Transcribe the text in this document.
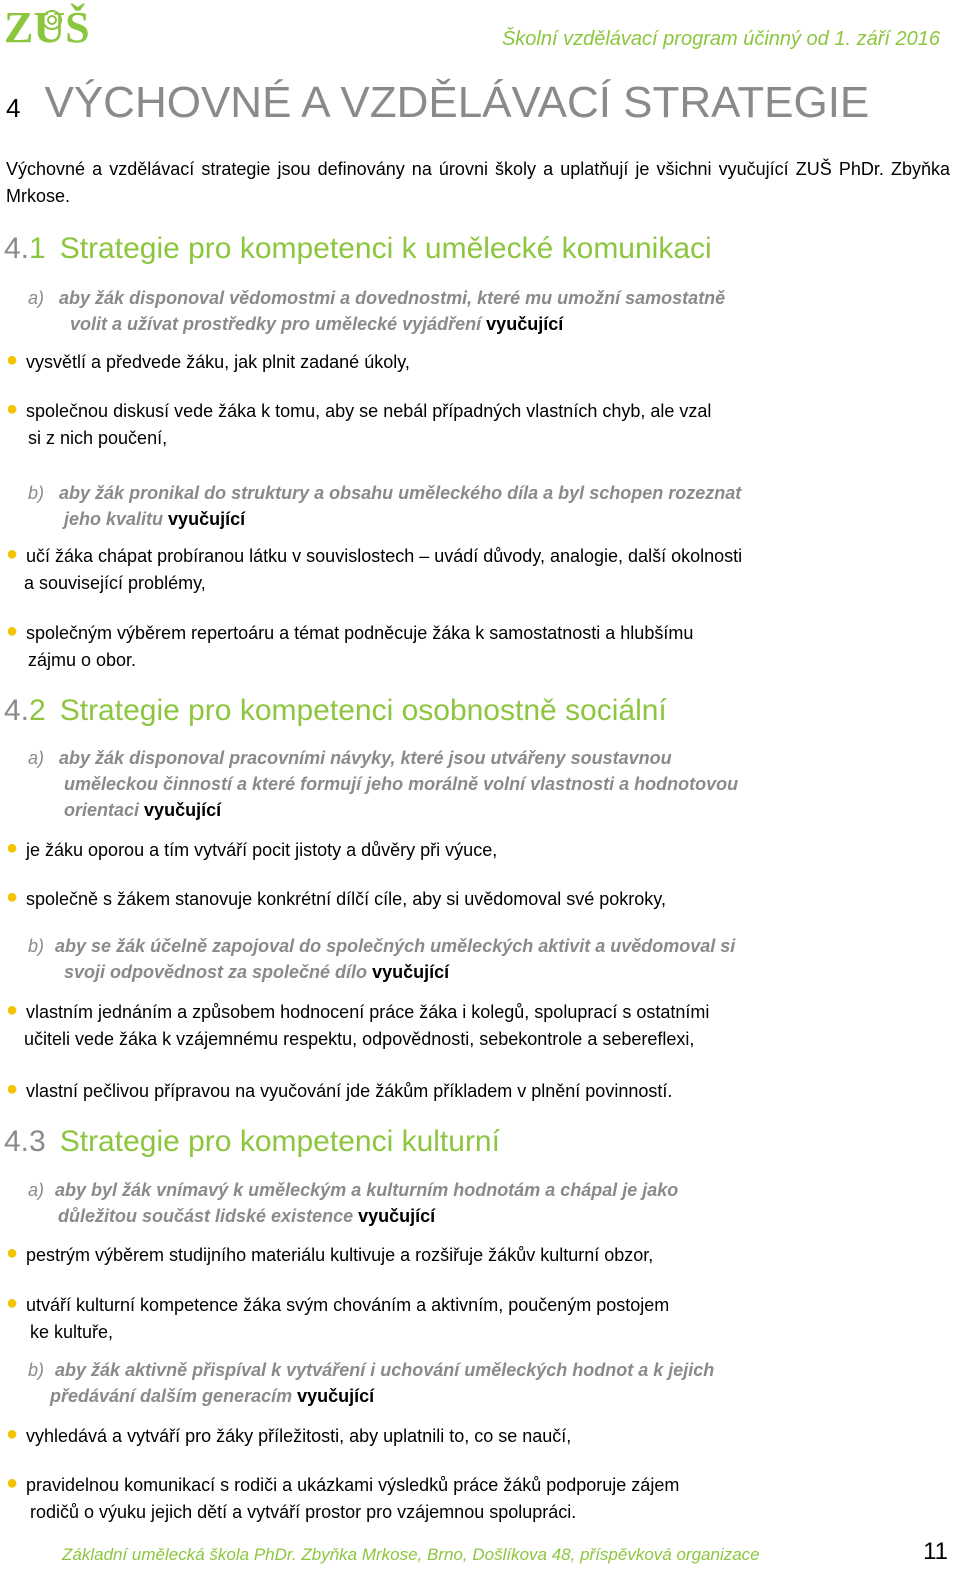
ZUŠ	Školní vzdělávací program účinný od 1. září 2016
4 VÝCHOVNÉ A VZDĚLÁVACÍ STRATEGIE
Výchovné a vzdělávací strategie jsou definovány na úrovni školy a uplatňují je všichni vyučující ZUŠ PhDr. Zbyňka Mrkose.
4.1 Strategie pro kompetenci k umělecké komunikaci
a) aby žák disponoval vědomostmi a dovednostmi, které mu umožní samostatně
volit a užívat prostředky pro umělecké vyjádření vyučující
● vysvětlí a předvede žáku, jak plnit zadané úkoly,
● společnou diskusí vede žáka k tomu, aby se nebál případných vlastních chyb, ale vzal
si z nich poučení,
b) aby žák pronikal do struktury a obsahu uměleckého díla a byl schopen rozeznat
jeho kvalitu vyučující
● učí žáka chápat probíranou látku v souvislostech – uvádí důvody, analogie, další okolnosti
a související problémy,
● společným výběrem repertoáru a témat podněcuje žáka k samostatnosti a hlubšímu
zájmu o obor.
4.2 Strategie pro kompetenci osobnostně sociální
a) aby žák disponoval pracovními návyky, které jsou utvářeny soustavnou
uměleckou činností a které formují jeho morálně volní vlastnosti a hodnotovou
orientaci vyučující
● je žáku oporou a tím vytváří pocit jistoty a důvěry při výuce,
● společně s žákem stanovuje konkrétní dílčí cíle, aby si uvědomoval své pokroky,
b) aby se žák účelně zapojoval do společných uměleckých aktivit a uvědomoval si
svoji odpovědnost za společné dílo vyučující
● vlastním jednáním a způsobem hodnocení práce žáka i kolegů, spoluprací s ostatními
učiteli vede žáka k vzájemnému respektu, odpovědnosti, sebekontrole a sebereflexi,
● vlastní pečlivou přípravou na vyučování jde žákům příkladem v plnění povinností.
4.3 Strategie pro kompetenci kulturní
a) aby byl žák vnímavý k uměleckým a kulturním hodnotám a chápal je jako
důležitou součást lidské existence vyučující
● pestrým výběrem studijního materiálu kultivuje a rozšiřuje žákův kulturní obzor,
● utváří kulturní kompetence žáka svým chováním a aktivním, poučeným postojem
ke kultuře,
b) aby žák aktivně přispíval k vytváření i uchování uměleckých hodnot a k jejich
předávání dalším generacím vyučující
● vyhledává a vytváří pro žáky příležitosti, aby uplatnili to, co se naučí,
● pravidelnou komunikací s rodiči a ukázkami výsledků práce žáků podporuje zájem
rodičů o výuku jejich dětí a vytváří prostor pro vzájemnou spolupráci.
Základní umělecká škola PhDr. Zbyňka Mrkose, Brno, Došlíkova 48, příspěvková organizace	11
